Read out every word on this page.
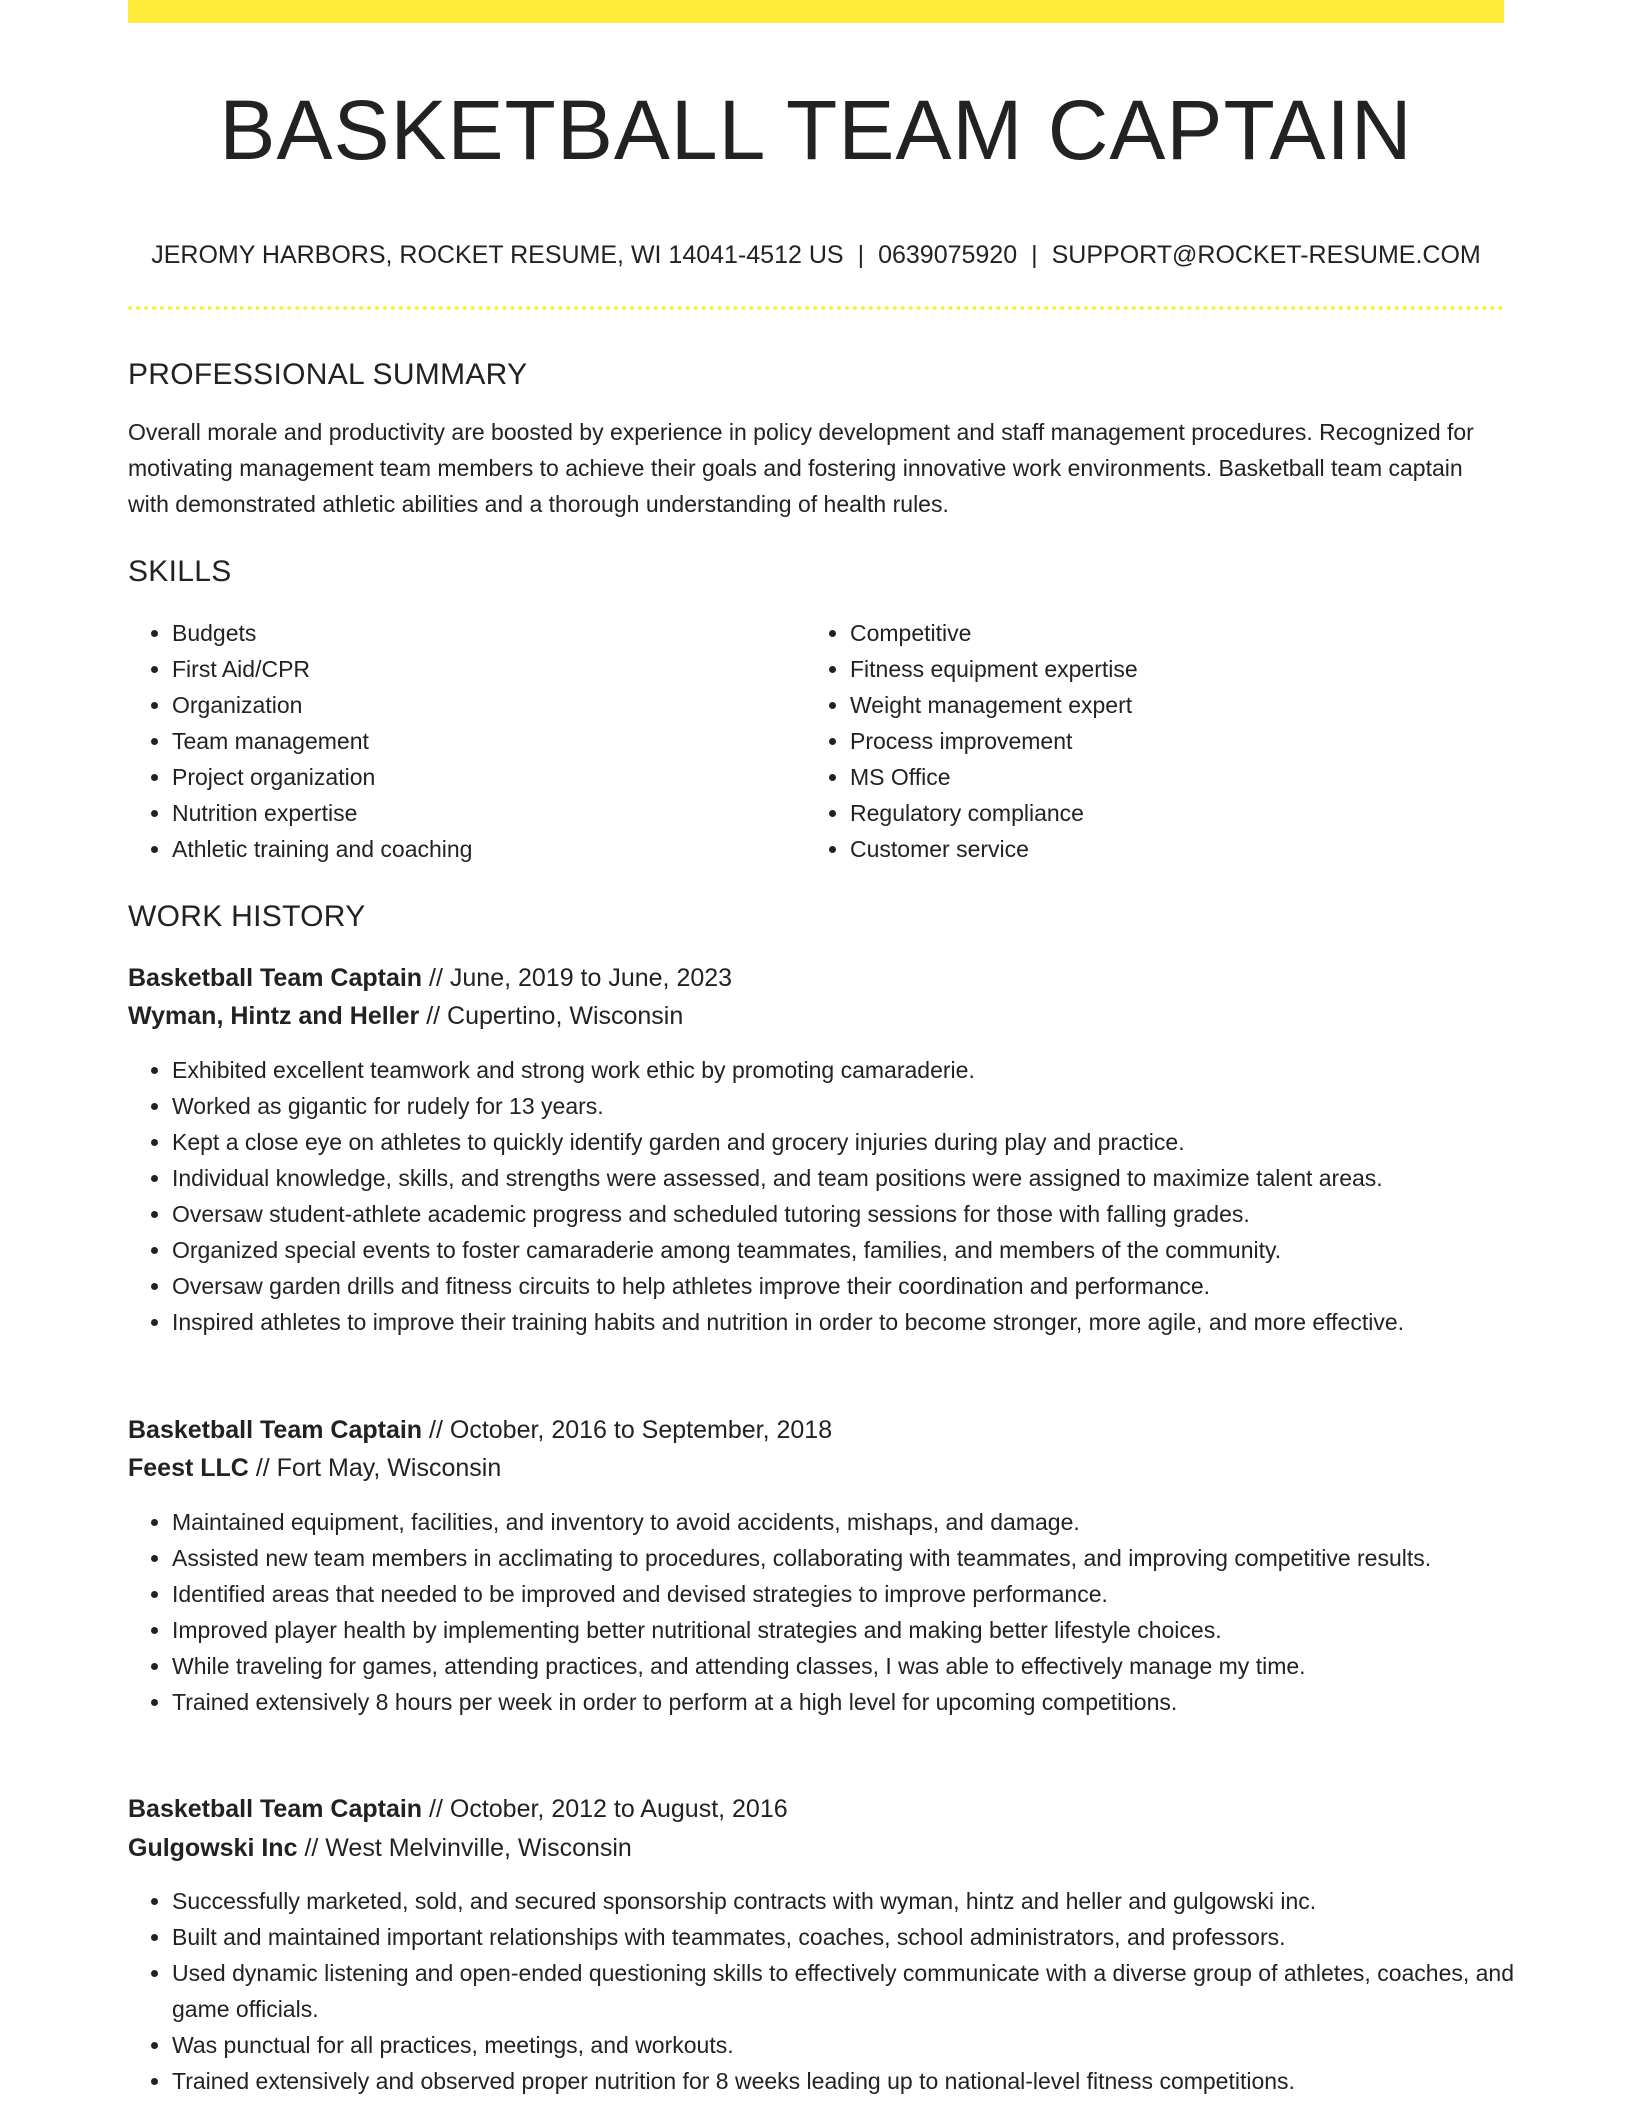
BASKETBALL TEAM CAPTAIN
JEROMY HARBORS, ROCKET RESUME, WI 14041-4512 US | 0639075920 | SUPPORT@ROCKET-RESUME.COM
PROFESSIONAL SUMMARY

Overall morale and productivity are boosted by experience in policy development and staff management procedures. Recognized for motivating management team members to achieve their goals and fostering innovative work environments. Basketball team captain with demonstrated athletic abilities and a thorough understanding of health rules.

SKILLS
• Budgets
• First Aid/CPR
• Organization
• Team management
• Project organization
• Nutrition expertise
• Athletic training and coaching
• Competitive
• Fitness equipment expertise
• Weight management expert
• Process improvement
• MS Office
• Regulatory compliance
• Customer service
WORK HISTORY
Basketball Team Captain // June, 2019 to June, 2023
Wyman, Hintz and Heller // Cupertino, Wisconsin
• Exhibited excellent teamwork and strong work ethic by promoting camaraderie.
• Worked as gigantic for rudely for 13 years.
• Kept a close eye on athletes to quickly identify garden and grocery injuries during play and practice.
• Individual knowledge, skills, and strengths were assessed, and team positions were assigned to maximize talent areas.
• Oversaw student-athlete academic progress and scheduled tutoring sessions for those with falling grades.
• Organized special events to foster camaraderie among teammates, families, and members of the community.
• Oversaw garden drills and fitness circuits to help athletes improve their coordination and performance.
• Inspired athletes to improve their training habits and nutrition in order to become stronger, more agile, and more effective.
Basketball Team Captain // October, 2016 to September, 2018
Feest LLC // Fort May, Wisconsin
• Maintained equipment, facilities, and inventory to avoid accidents, mishaps, and damage.
• Assisted new team members in acclimating to procedures, collaborating with teammates, and improving competitive results.
• Identified areas that needed to be improved and devised strategies to improve performance.
• Improved player health by implementing better nutritional strategies and making better lifestyle choices.
• While traveling for games, attending practices, and attending classes, I was able to effectively manage my time.
• Trained extensively 8 hours per week in order to perform at a high level for upcoming competitions.
Basketball Team Captain // October, 2012 to August, 2016
Gulgowski Inc // West Melvinville, Wisconsin
• Successfully marketed, sold, and secured sponsorship contracts with wyman, hintz and heller and gulgowski inc.
• Built and maintained important relationships with teammates, coaches, school administrators, and professors.
• Used dynamic listening and open-ended questioning skills to effectively communicate with a diverse group of athletes, coaches, and game officials.
• Was punctual for all practices, meetings, and workouts.
• Trained extensively and observed proper nutrition for 8 weeks leading up to national-level fitness competitions.
